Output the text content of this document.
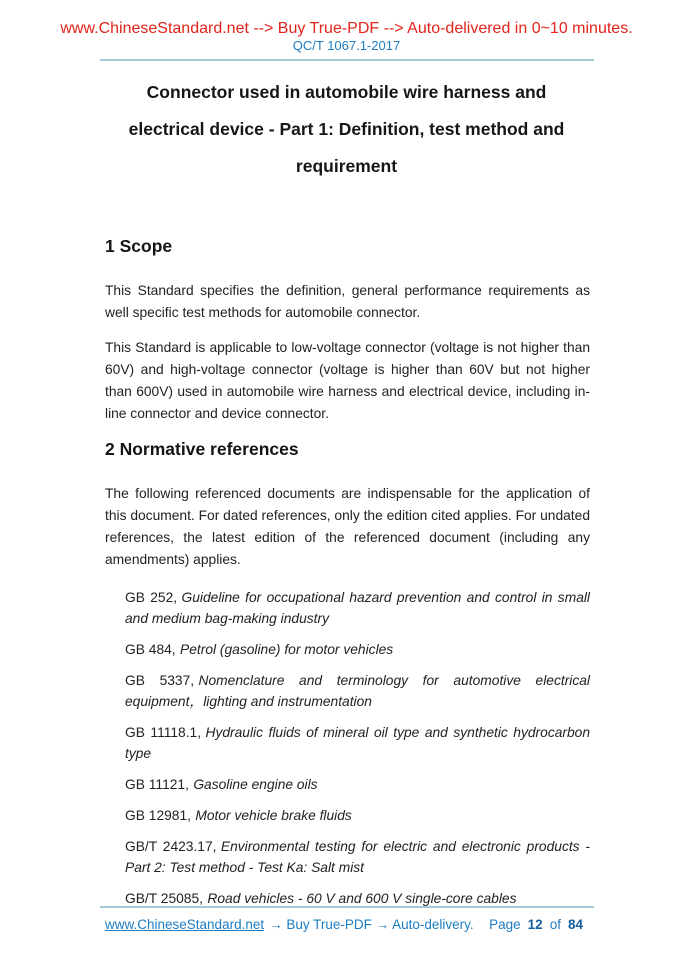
www.ChineseStandard.net --> Buy True-PDF --> Auto-delivered in 0~10 minutes.
QC/T 1067.1-2017
Connector used in automobile wire harness and
electrical device - Part 1: Definition, test method and
requirement
1 Scope

This Standard specifies the definition, general performance requirements as well specific test methods for automobile connector.

This Standard is applicable to low-voltage connector (voltage is not higher than 60V) and high-voltage connector (voltage is higher than 60V but not higher than 600V) used in automobile wire harness and electrical device, including in-line connector and device connector.

2 Normative references

The following referenced documents are indispensable for the application of this document. For dated references, only the edition cited applies. For undated references, the latest edition of the referenced document (including any amendments) applies.

GB 252, Guideline for occupational hazard prevention and control in small and medium bag-making industry

GB 484, Petrol (gasoline) for motor vehicles

GB 5337, Nomenclature and terminology for automotive electrical equipment，lighting and instrumentation

GB 11118.1, Hydraulic fluids of mineral oil type and synthetic hydrocarbon type

GB 11121, Gasoline engine oils

GB 12981, Motor vehicle brake fluids

GB/T 2423.17, Environmental testing for electric and electronic products - Part 2: Test method - Test Ka: Salt mist

GB/T 25085, Road vehicles - 60 V and 600 V single-core cables

www.ChineseStandard.net → Buy True-PDF → Auto-delivery. Page 12 of 84
